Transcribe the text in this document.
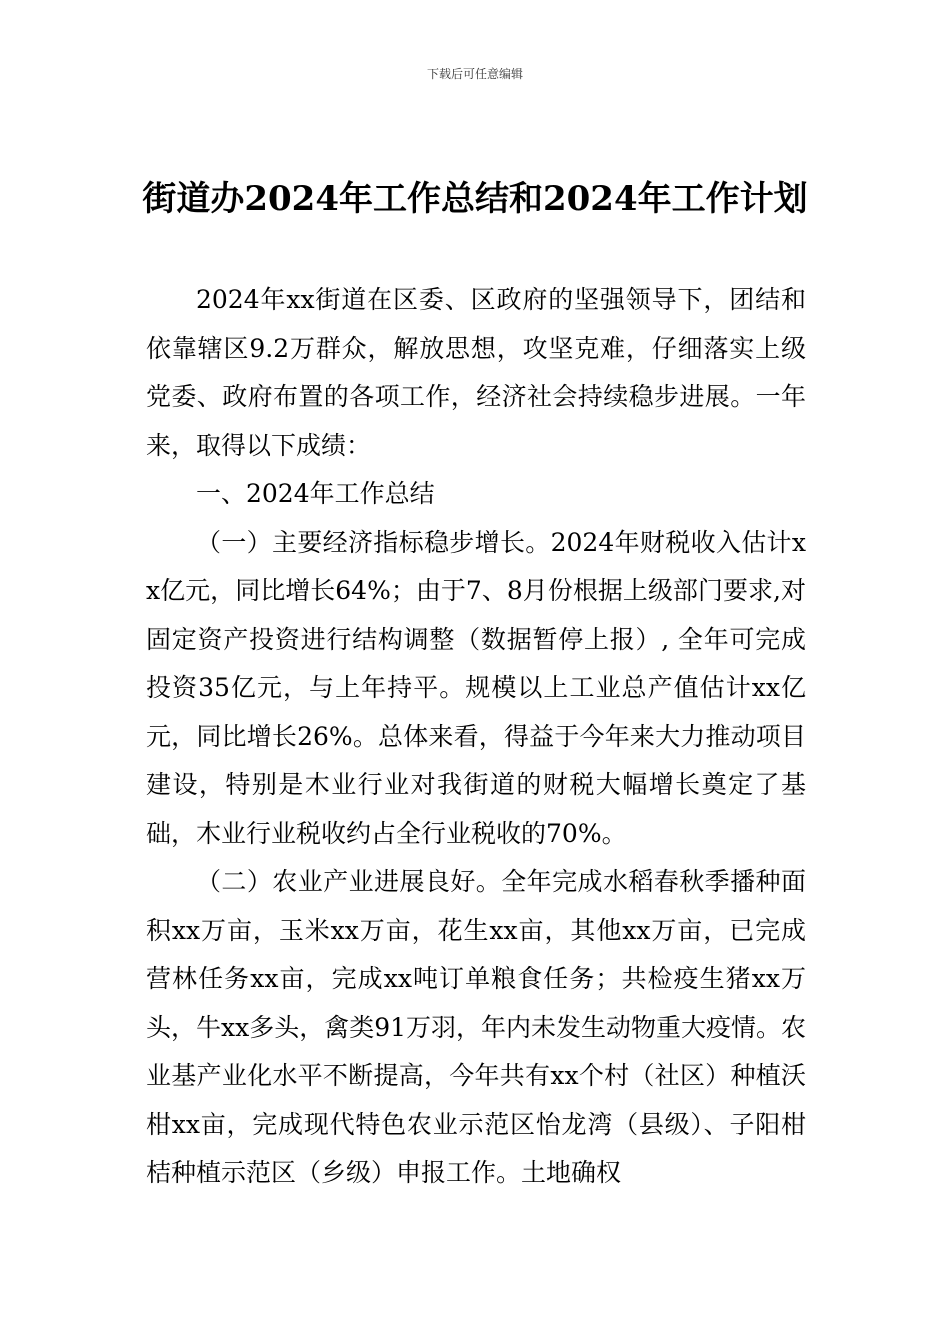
下载后可任意编辑
街道办2024年工作总结和2024年工作计划

2024年xx街道在区委、区政府的坚强领导下，团结和依靠辖区9.2万群众，解放思想，攻坚克难，仔细落实上级党委、政府布置的各项工作，经济社会持续稳步进展。一年来，取得以下成绩：

一、2024年工作总结

（一）主要经济指标稳步增长。2024年财税收入估计xx亿元，同比增长64%；由于7、8月份根据上级部门要求,对固定资产投资进行结构调整（数据暂停上报）, 全年可完成投资35亿元，与上年持平。规模以上工业总产值估计xx亿元，同比增长26%。总体来看，得益于今年来大力推动项目建设，特别是木业行业对我街道的财税大幅增长奠定了基础，木业行业税收约占全行业税收的70%。

（二）农业产业进展良好。全年完成水稻春秋季播种面积xx万亩，玉米xx万亩，花生xx亩，其他xx万亩，已完成营林任务xx亩，完成xx吨订单粮食任务；共检疫生猪xx万头，牛xx多头，禽类91万羽，年内未发生动物重大疫情。农业基产业化水平不断提高，今年共有xx个村（社区）种植沃柑xx亩，完成现代特色农业示范区怡龙湾（县级）、子阳柑桔种植示范区（乡级）申报工作。土地确权
